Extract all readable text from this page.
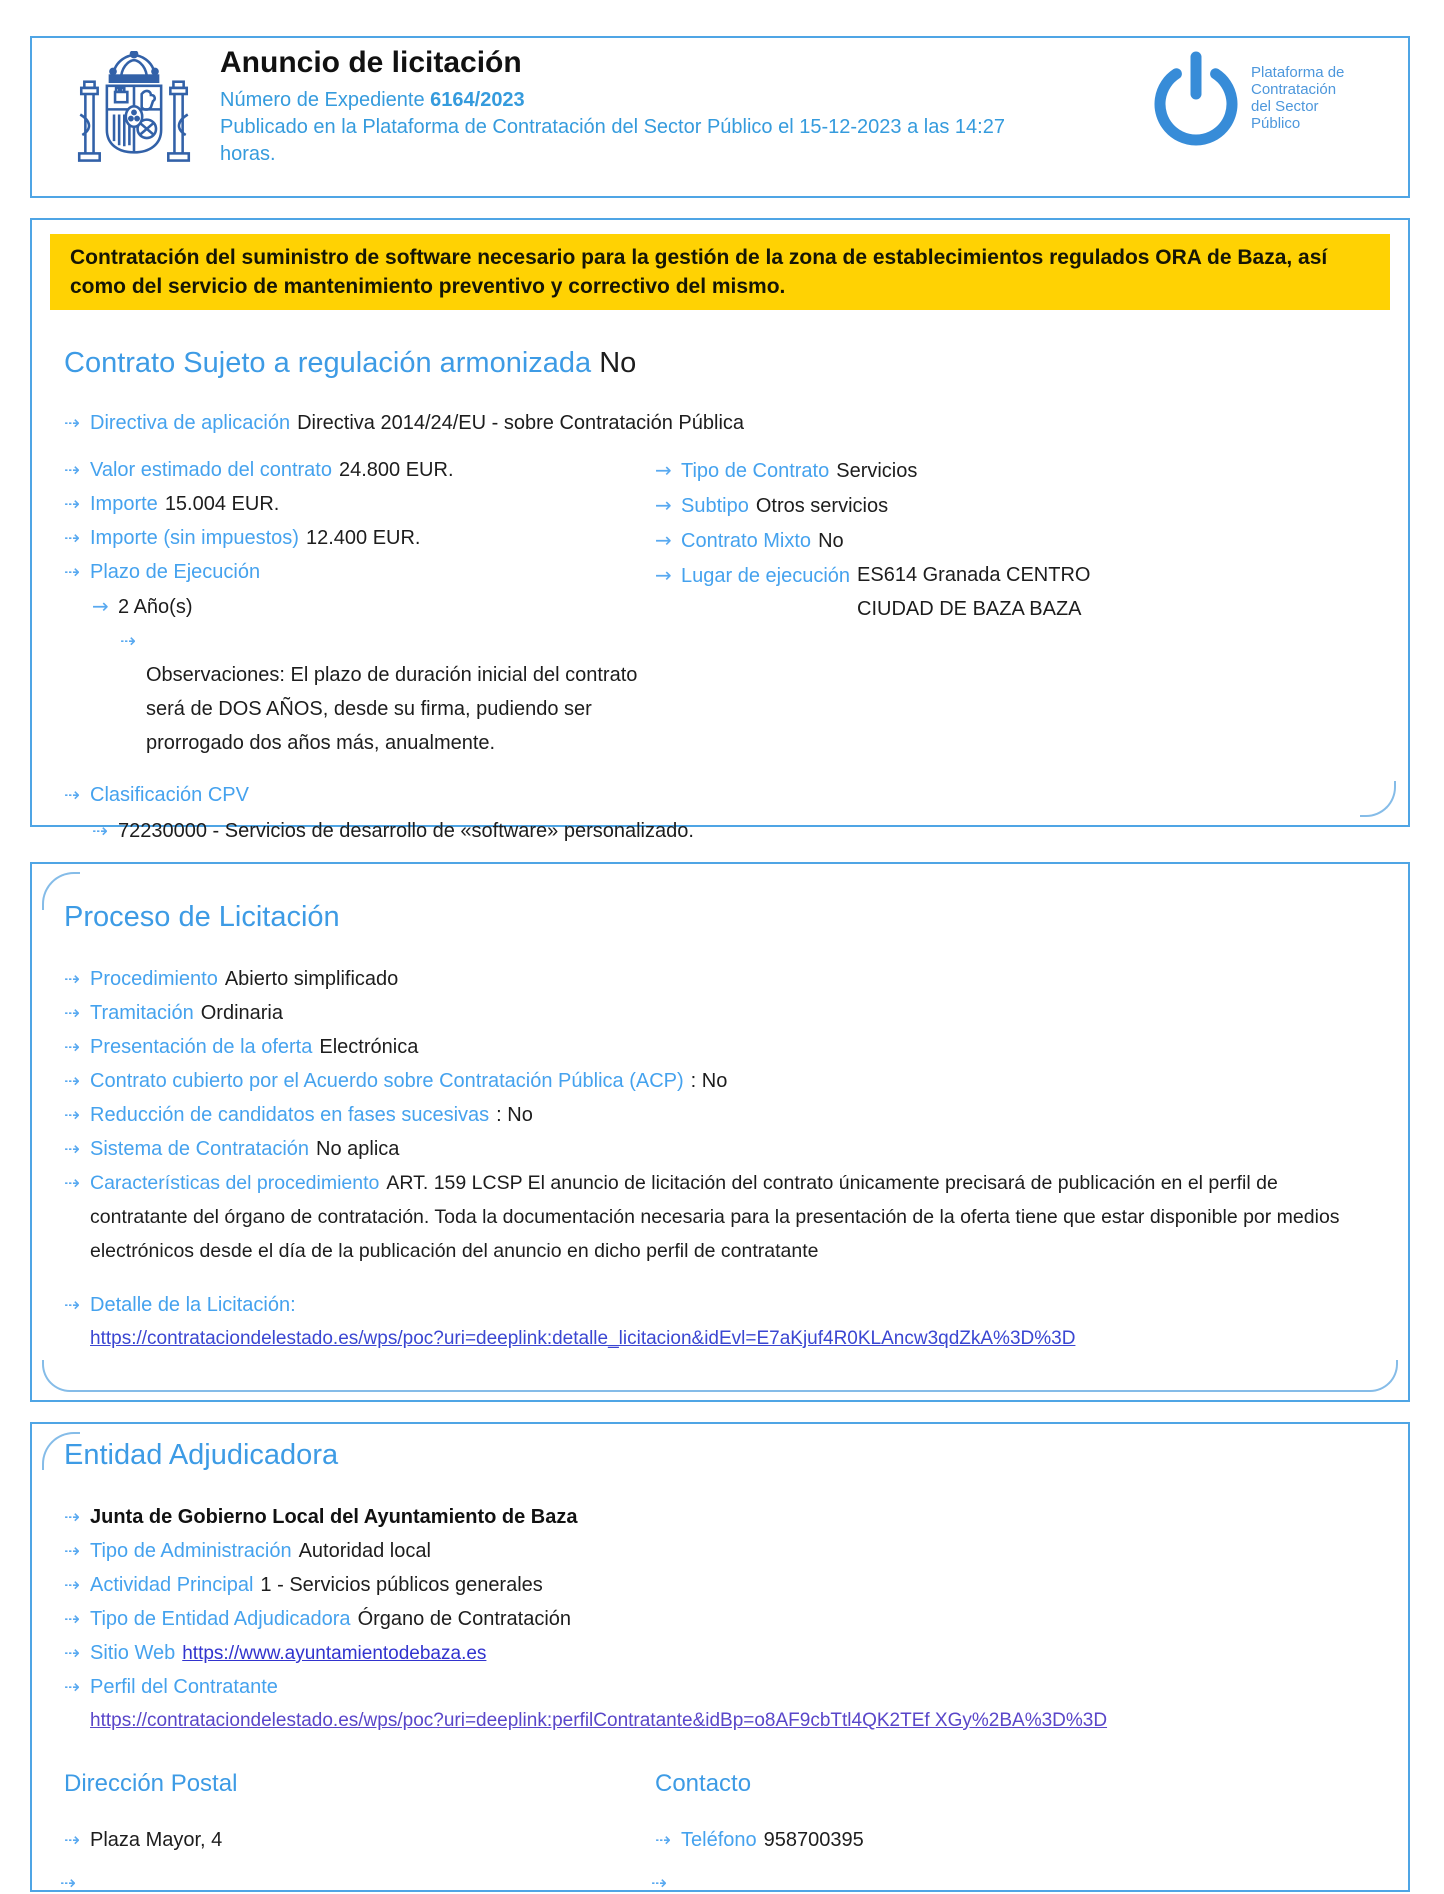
Anuncio de licitación
Número de Expediente 6164/2023
Publicado en la Plataforma de Contratación del Sector Público el 15-12-2023 a las 14:27 horas.
Plataforma de
Contratación
del Sector
Público
Contratación del suministro de software necesario para la gestión de la zona de establecimientos regulados ORA de Baza, así como del servicio de mantenimiento preventivo y correctivo del mismo.
Contrato Sujeto a regulación armonizada No
⇢ Directiva de aplicación Directiva 2014/24/EU - sobre Contratación Pública
⇢ Valor estimado del contrato 24.800 EUR.
⇢ Importe 15.004 EUR.
⇢ Importe (sin impuestos) 12.400 EUR.
⇢ Plazo de Ejecución
→ 2 Año(s)
⇢Observaciones: El plazo de duración inicial del contrato será de DOS AÑOS, desde su firma, pudiendo ser prorrogado dos años más, anualmente.
→ Tipo de Contrato Servicios
→ Subtipo Otros servicios
→ Contrato Mixto No
→ Lugar de ejecución ES614 Granada CENTRO CIUDAD DE BAZA BAZA
⇢ Clasificación CPV
⇢ 72230000 - Servicios de desarrollo de «software» personalizado.
Proceso de Licitación
⇢ Procedimiento Abierto simplificado
⇢ Tramitación Ordinaria
⇢ Presentación de la oferta Electrónica
⇢ Contrato cubierto por el Acuerdo sobre Contratación Pública (ACP) : No
⇢ Reducción de candidatos en fases sucesivas : No
⇢ Sistema de Contratación No aplica
⇢ Características del procedimiento ART. 159 LCSP El anuncio de licitación del contrato únicamente precisará de publicación en el perfil de contratante del órgano de contratación. Toda la documentación necesaria para la presentación de la oferta tiene que estar disponible por medios electrónicos desde el día de la publicación del anuncio en dicho perfil de contratante
⇢ Detalle de la Licitación:
https://contrataciondelestado.es/wps/poc?uri=deeplink:detalle_licitacion&idEvl=E7aKjuf4R0KLAncw3qdZkA%3D%3D
Entidad Adjudicadora
⇢ Junta de Gobierno Local del Ayuntamiento de Baza
⇢ Tipo de Administración Autoridad local
⇢ Actividad Principal 1 - Servicios públicos generales
⇢ Tipo de Entidad Adjudicadora Órgano de Contratación
⇢ Sitio Web https://www.ayuntamientodebaza.es
⇢ Perfil del Contratante
https://contrataciondelestado.es/wps/poc?uri=deeplink:perfilContratante&idBp=o8AF9cbTtl4QK2TEf XGy%2BA%3D%3D
Dirección Postal
⇢ Plaza Mayor, 4
Contacto
⇢ Teléfono 958700395
⇢	⇢
